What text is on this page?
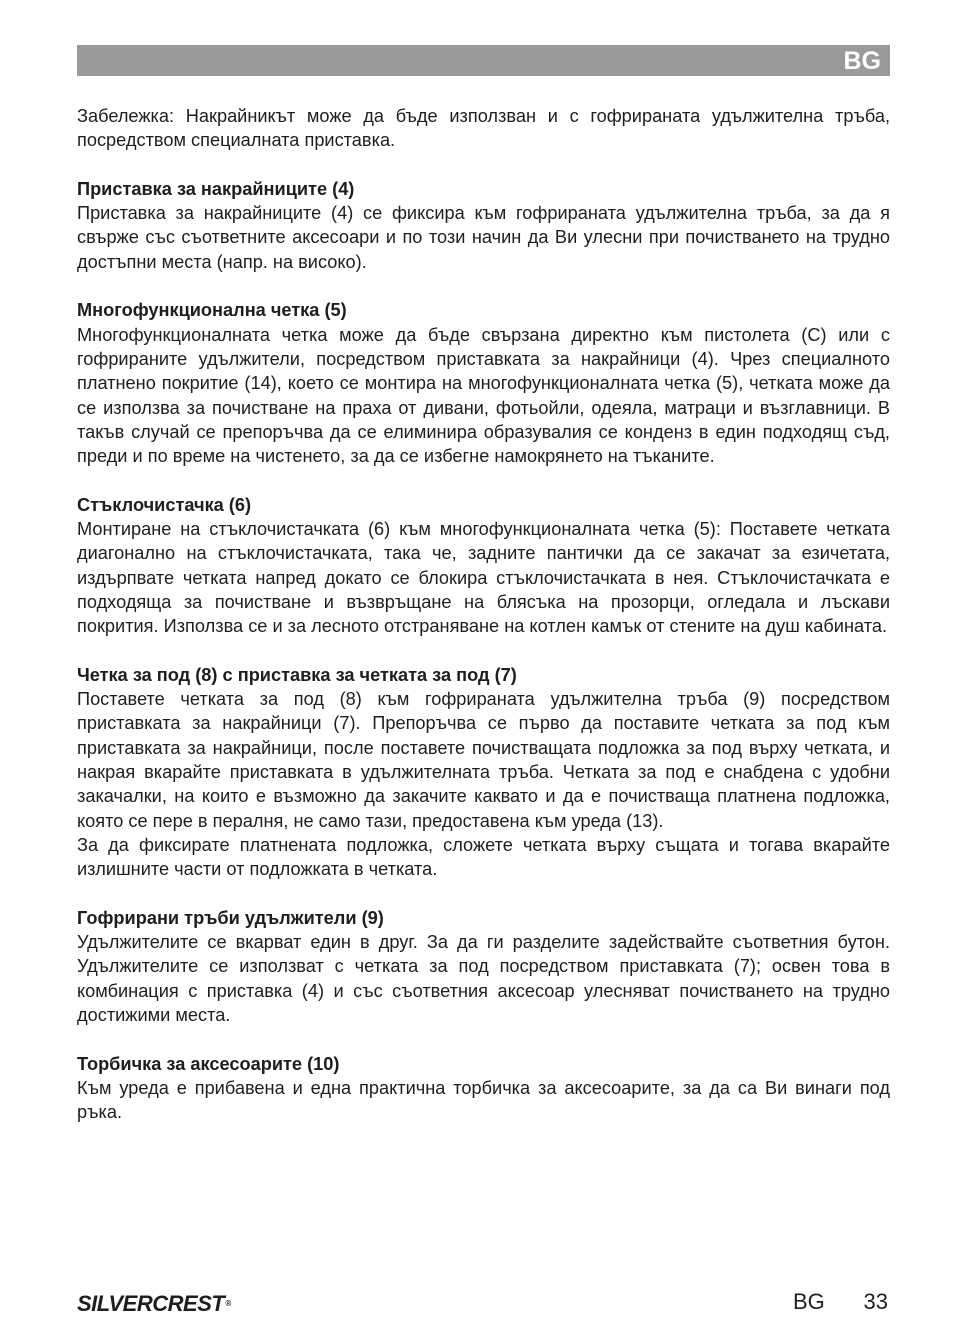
BG

Забележка: Накрайникът може да бъде използван и с гофрираната удължителна тръба, посредством специалната приставка.

Приставка за накрайниците (4)

Приставка за накрайниците (4) се фиксира към гофрираната удължителна тръба, за да я свърже със съответните аксесоари и по този начин да Ви улесни при почистването на трудно достъпни места (напр. на високо).

Многофункционална четка (5)

Многофункционалната четка може да бъде свързана директно към пистолета (C) или с гофрираните удължители, посредством приставката за накрайници (4). Чрез специалното платнено покритие (14), което се монтира на многофункционалната четка (5), четката може да се използва за почистване на праха от дивани, фотьойли, одеяла, матраци и възглавници. В такъв случай се препоръчва да се елиминира образувалия се конденз в един подходящ съд, преди и по време на чистенето, за да се избегне намокрянето на тъканите.

Стъклочистачка (6)

Монтиране на стъклочистачката (6) към многофункционалната четка (5): Поставете четката диагонално на стъклочистачката, така че, задните пантички да се закачат за езичетата, издърпвате четката напред докато се блокира стъклочистачката в нея. Стъклочистачката е подходяща за почистване и възвръщане на блясъка на прозорци, огледала и лъскави покрития. Използва се и за лесното отстраняване на котлен камък от стените на душ кабината.

Четка за под (8) с приставка за четката за под (7)

Поставете четката за под (8) към гофрираната удължителна тръба (9) посредством приставката за накрайници (7). Препоръчва се първо да поставите четката за под към приставката за накрайници, после поставете почистващата подложка за под върху четката, и накрая вкарайте приставката в удължителната тръба. Четката за под е снабдена с удобни закачалки, на които е възможно да закачите каквато и да е почистваща платнена подложка, която се пере в пералня, не само тази, предоставена към уреда (13).

За да фиксирате платнената подложка, сложете четката върху същата и тогава вкарайте излишните части от подложката в четката.

Гофрирани тръби удължители (9)

Удължителите се вкарват един в друг. За да ги разделите задействайте съответния бутон. Удължителите се използват с четката за под посредством приставката (7); освен това в комбинация с приставка (4) и със съответния аксесоар улесняват почистването на трудно достижими места.

Торбичка за аксесоарите (10)

Към уреда е прибавена и една практична торбичка за аксесоарите, за да са Ви винаги под ръка.

SILVERCREST®	BG 33
